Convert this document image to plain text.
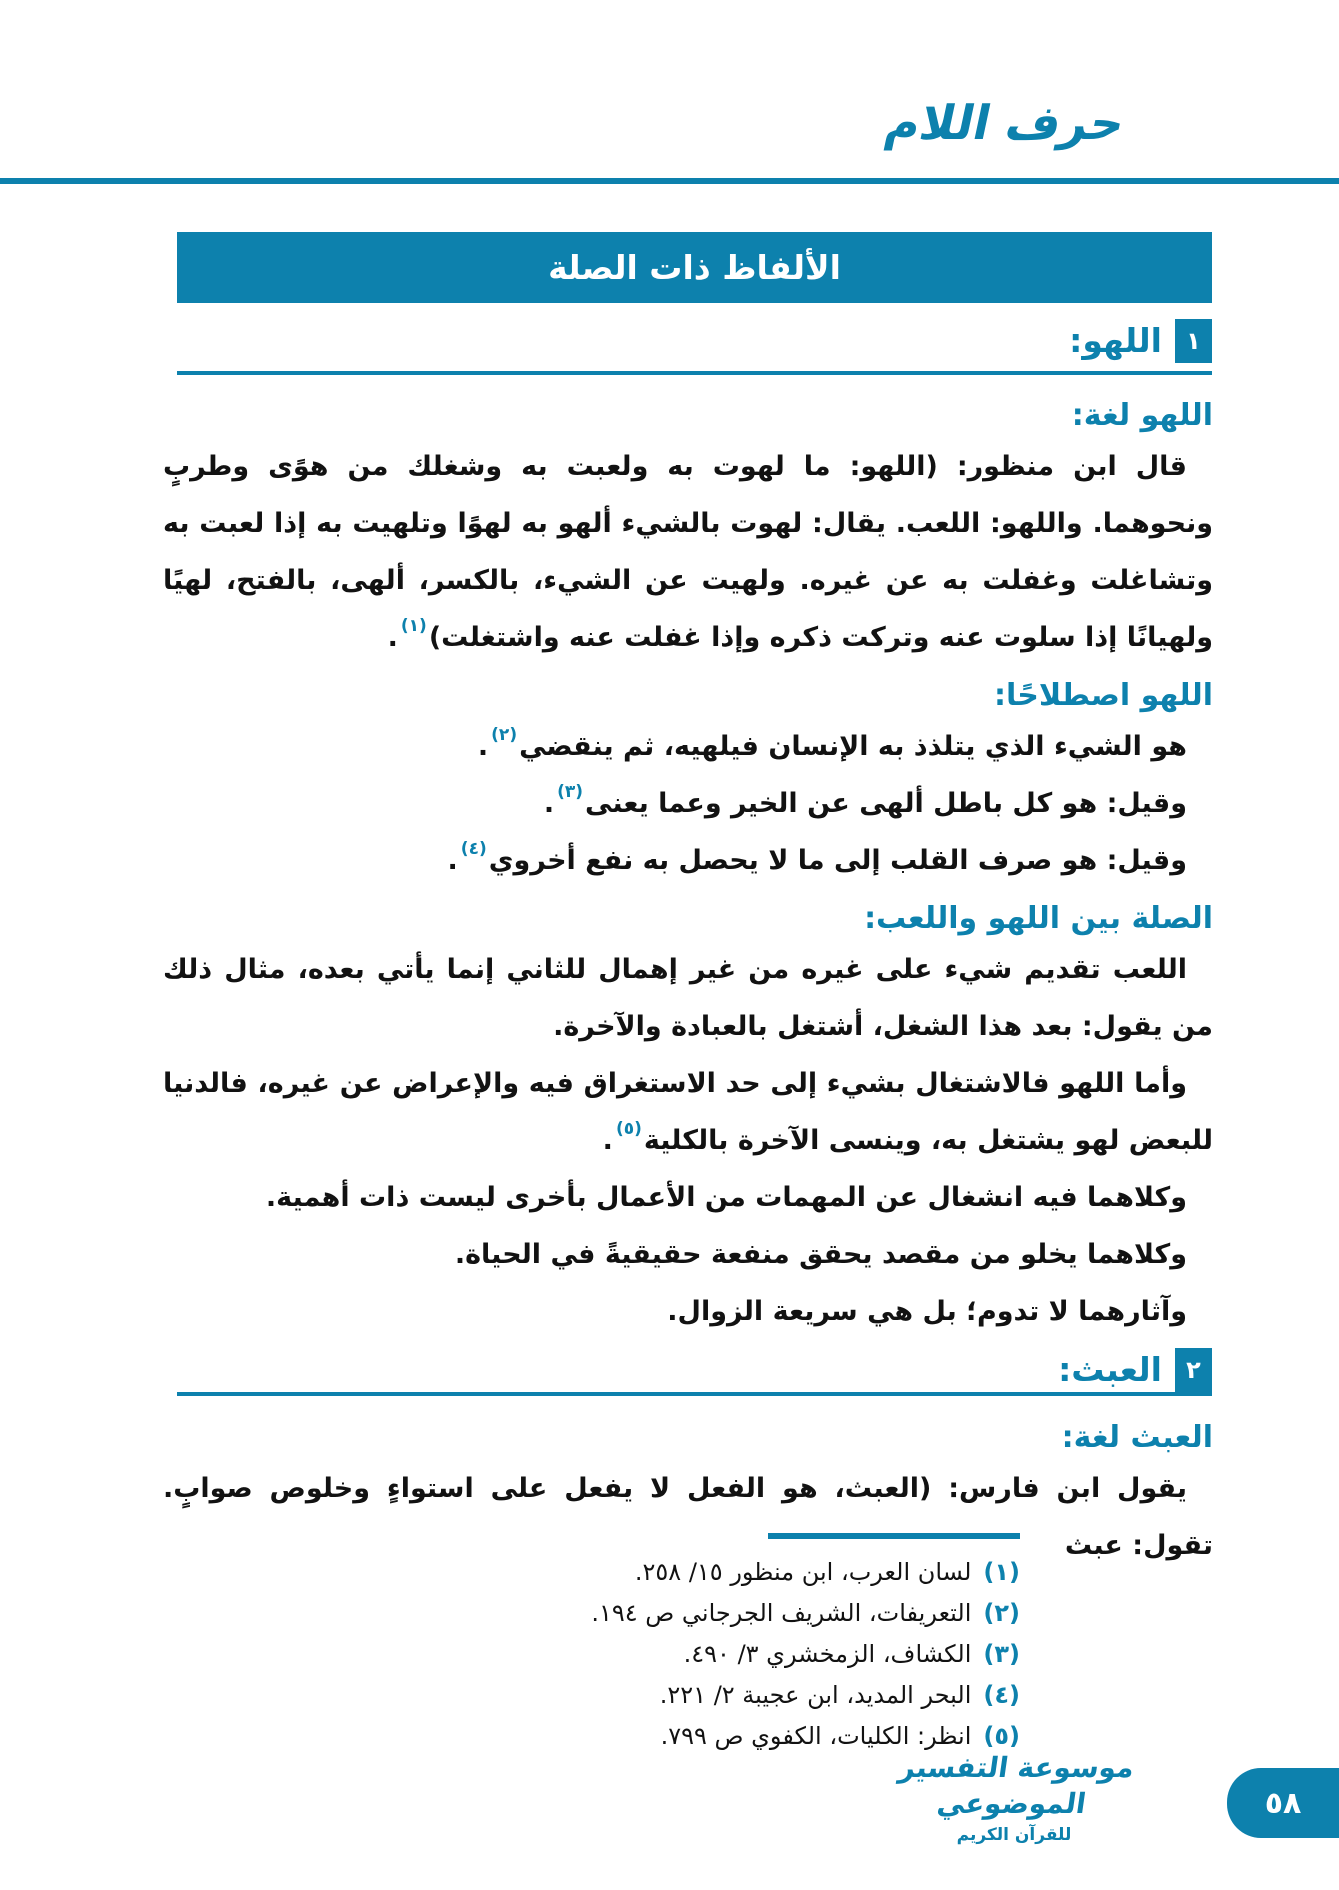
حرف اللام
الألفاظ ذات الصلة
١
اللهو:
اللهو لغة:

قال ابن منظور: (اللهو: ما لهوت به ولعبت به وشغلك من هوًى وطربٍ ونحوهما. واللهو: اللعب. يقال: لهوت بالشيء ألهو به لهوًا وتلهيت به إذا لعبت به وتشاغلت وغفلت به عن غيره. ولهيت عن الشيء، بالكسر، ألهى، بالفتح، لهيًا ولهيانًا إذا سلوت عنه وتركت ذكره وإذا غفلت عنه واشتغلت)$^{(١)}$.

اللهو اصطلاحًا:

هو الشيء الذي يتلذذ به الإنسان فيلهيه، ثم ينقضي$^{(٢)}$.

وقيل: هو كل باطل ألهى عن الخير وعما يعنى$^{(٣)}$.

وقيل: هو صرف القلب إلى ما لا يحصل به نفع أخروي$^{(٤)}$.

الصلة بين اللهو واللعب:

اللعب تقديم شيء على غيره من غير إهمال للثاني إنما يأتي بعده، مثال ذلك من يقول: بعد هذا الشغل، أشتغل بالعبادة والآخرة.

وأما اللهو فالاشتغال بشيء إلى حد الاستغراق فيه والإعراض عن غيره، فالدنيا للبعض لهو يشتغل به، وينسى الآخرة بالكلية$^{(٥)}$.

وكلاهما فيه انشغال عن المهمات من الأعمال بأخرى ليست ذات أهمية.

وكلاهما يخلو من مقصد يحقق منفعة حقيقيةً في الحياة.

وآثارهما لا تدوم؛ بل هي سريعة الزوال.

٢
العبث:
العبث لغة:

يقول ابن فارس: (العبث، هو الفعل لا يفعل على استواءٍ وخلوص صوابٍ. تقول: عبث

(١)
لسان العرب، ابن منظور ١٥/ ٢٥٨.
(٢)
التعريفات، الشريف الجرجاني ص ١٩٤.
(٣)
الكشاف، الزمخشري ٣/ ٤٩٠.
(٤)
البحر المديد، ابن عجيبة ٢/ ٢٢١.
(٥)
انظر: الكليات، الكفوي ص ٧٩٩.
موسوعة التفسير الموضوعي
للقرآن الكريم
٥٨
